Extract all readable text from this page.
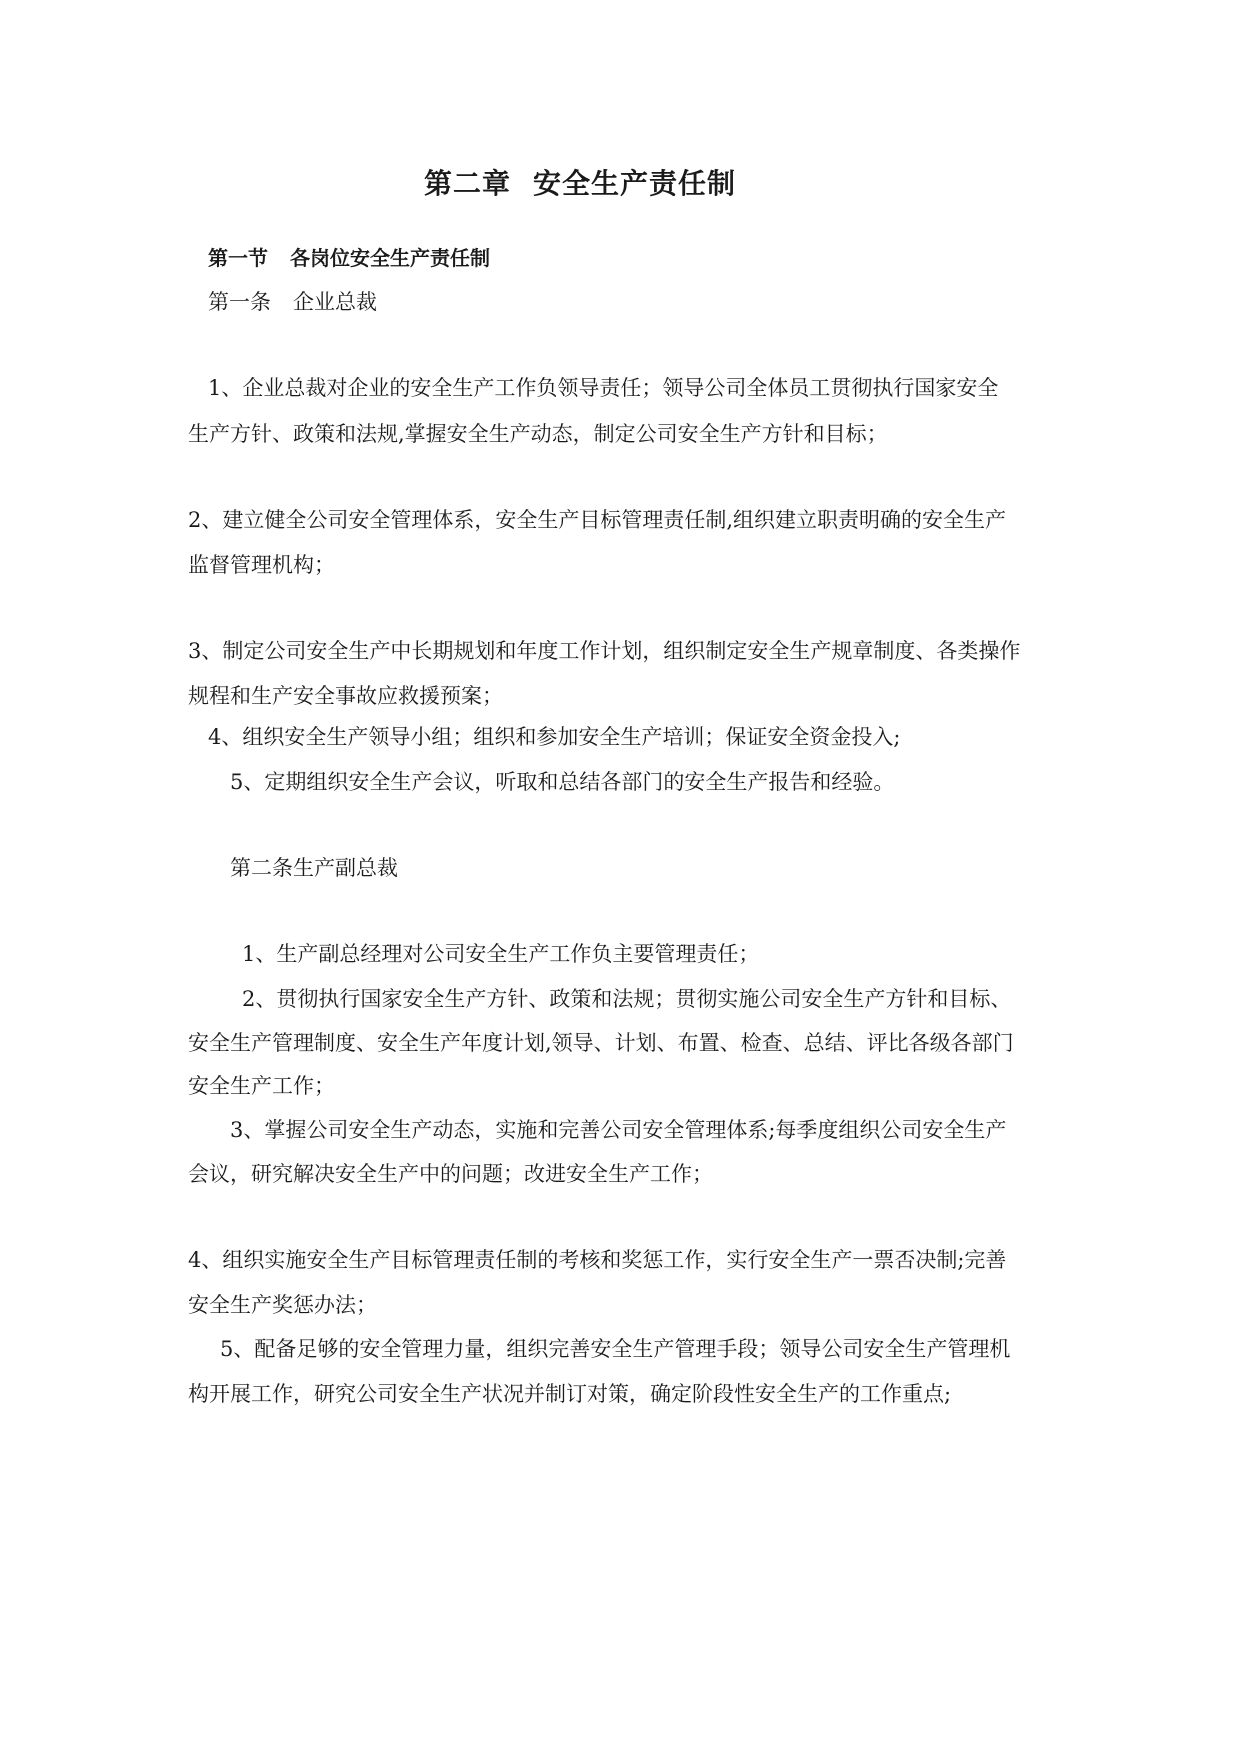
第二章 安全生产责任制

第一节 各岗位安全生产责任制

第一条 企业总裁

1、企业总裁对企业的安全生产工作负领导责任；领导公司全体员工贯彻执行国家安全

生产方针、政策和法规,掌握安全生产动态，制定公司安全生产方针和目标；

2、建立健全公司安全管理体系，安全生产目标管理责任制,组织建立职责明确的安全生产

监督管理机构；

3、制定公司安全生产中长期规划和年度工作计划，组织制定安全生产规章制度、各类操作

规程和生产安全事故应救援预案；

4、组织安全生产领导小组；组织和参加安全生产培训；保证安全资金投入;

5、定期组织安全生产会议，听取和总结各部门的安全生产报告和经验。

第二条生产副总裁

1、生产副总经理对公司安全生产工作负主要管理责任；

2、贯彻执行国家安全生产方针、政策和法规；贯彻实施公司安全生产方针和目标、

安全生产管理制度、安全生产年度计划,领导、计划、布置、检查、总结、评比各级各部门

安全生产工作；

3、掌握公司安全生产动态，实施和完善公司安全管理体系;每季度组织公司安全生产

会议，研究解决安全生产中的问题；改进安全生产工作；

4、组织实施安全生产目标管理责任制的考核和奖惩工作，实行安全生产一票否决制;完善

安全生产奖惩办法；

5、配备足够的安全管理力量，组织完善安全生产管理手段；领导公司安全生产管理机

构开展工作，研究公司安全生产状况并制订对策，确定阶段性安全生产的工作重点;
